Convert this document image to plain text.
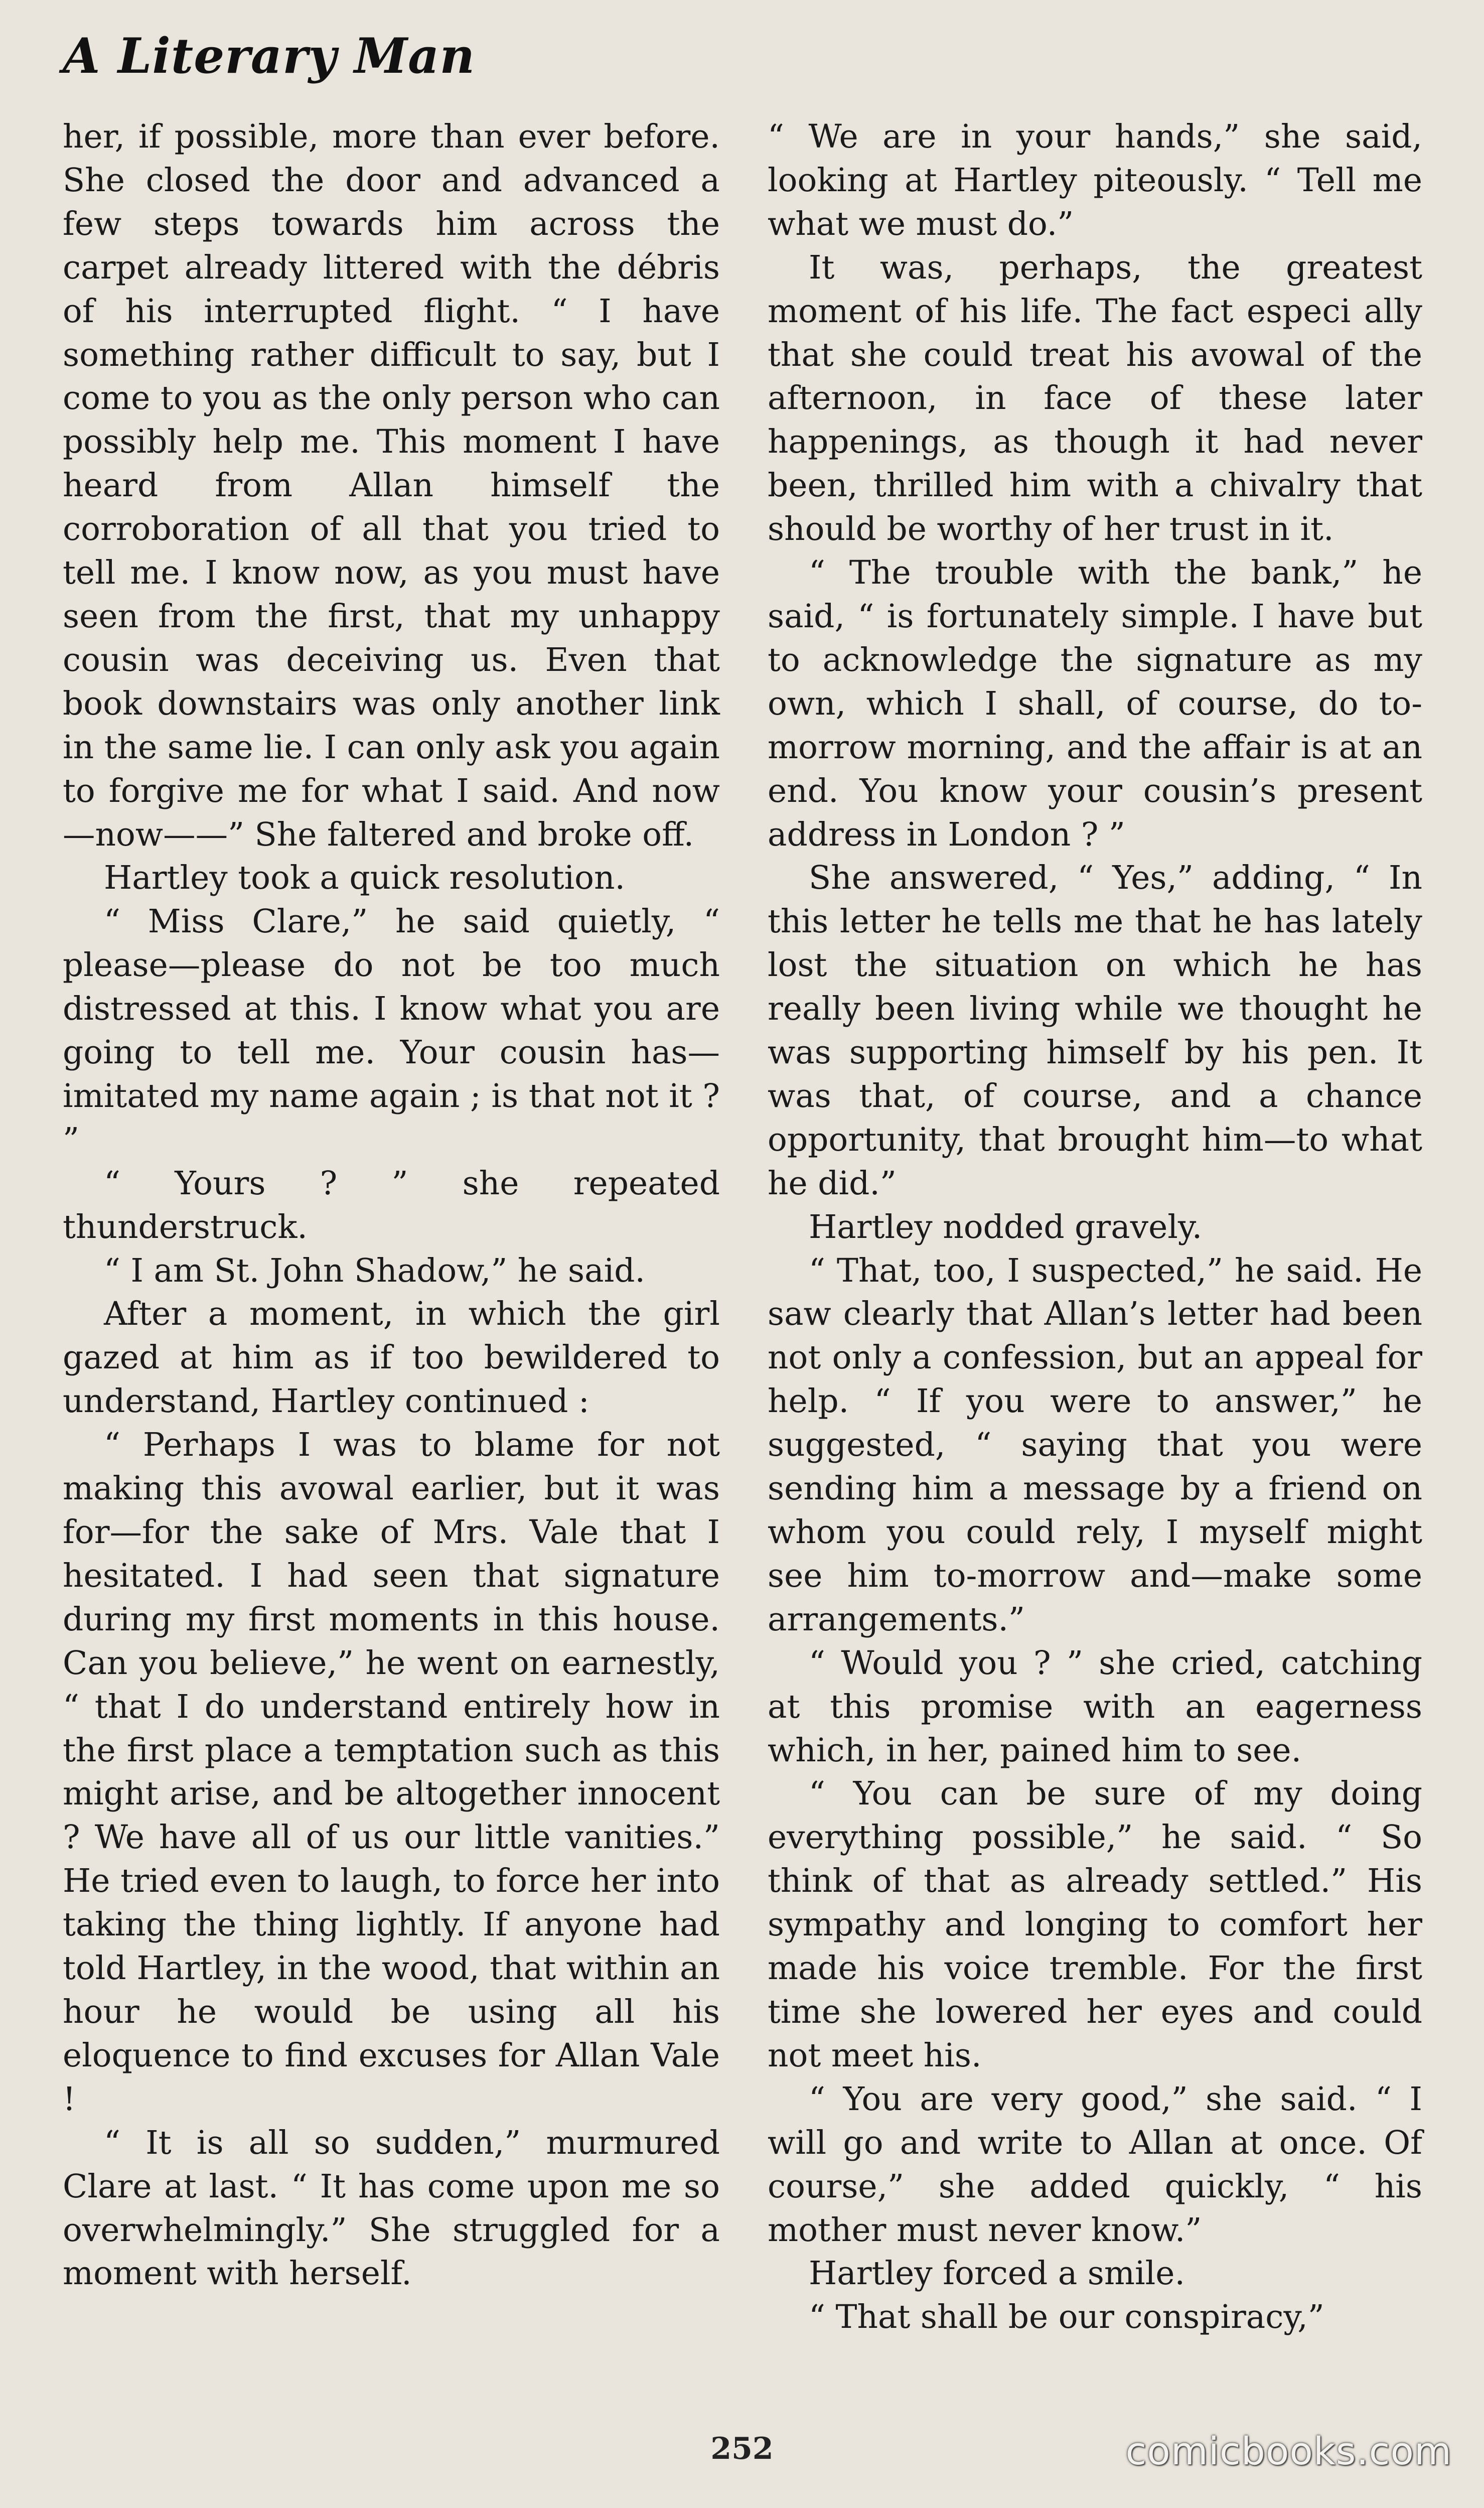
A Literary Man

her, if possible, more than ever before. She closed the door and advanced a few steps towards him across the carpet already littered with the débris of his interrupted flight. “ I have something rather difficult to say, but I come to you as the only person who can possibly help me. This moment I have heard from Allan himself the corroboration of all that you tried to tell me. I know now, as you must have seen from the first, that my unhappy cousin was deceiving us. Even that book downstairs was only another link in the same lie. I can only ask you again to forgive me for what I said. And now—now——” She faltered and broke off.

Hartley took a quick resolution.

“ Miss Clare,” he said quietly, “ please—please do not be too much distressed at this. I know what you are going to tell me. Your cousin has—imitated my name again ; is that not it ? ”

“ Yours ? ” she repeated thunderstruck.

“ I am St. John Shadow,” he said.

After a moment, in which the girl gazed at him as if too bewildered to understand, Hartley continued :

“ Perhaps I was to blame for not making this avowal earlier, but it was for—for the sake of Mrs. Vale that I hesitated. I had seen that signature during my first moments in this house. Can you believe,” he went on earnestly, “ that I do understand entirely how in the first place a temptation such as this might arise, and be altogether innocent ? We have all of us our little vanities.” He tried even to laugh, to force her into taking the thing lightly. If anyone had told Hartley, in the wood, that within an hour he would be using all his eloquence to find excuses for Allan Vale !

“ It is all so sudden,” murmured Clare at last. “ It has come upon me so overwhelmingly.” She struggled for a moment with herself.

“ We are in your hands,” she said, looking at Hartley piteously. “ Tell me what we must do.”

It was, perhaps, the greatest moment of his life. The fact especi ally that she could treat his avowal of the afternoon, in face of these later happenings, as though it had never been, thrilled him with a chivalry that should be worthy of her trust in it.

“ The trouble with the bank,” he said, “ is fortunately simple. I have but to acknowledge the signature as my own, which I shall, of course, do to-morrow morning, and the affair is at an end. You know your cousin’s present address in London ? ”

She answered, “ Yes,” adding, “ In this letter he tells me that he has lately lost the situation on which he has really been living while we thought he was supporting himself by his pen. It was that, of course, and a chance opportunity, that brought him—to what he did.”

Hartley nodded gravely.

“ That, too, I suspected,” he said. He saw clearly that Allan’s letter had been not only a confession, but an appeal for help. “ If you were to answer,” he suggested, “ saying that you were sending him a message by a friend on whom you could rely, I myself might see him to-morrow and—make some arrangements.”

“ Would you ? ” she cried, catching at this promise with an eagerness which, in her, pained him to see.

“ You can be sure of my doing everything possible,” he said. “ So think of that as already settled.” His sympathy and longing to comfort her made his voice tremble. For the first time she lowered her eyes and could not meet his.

“ You are very good,” she said. “ I will go and write to Allan at once. Of course,” she added quickly, “ his mother must never know.”

Hartley forced a smile.

“ That shall be our conspiracy,”

252	comicbooks.com
